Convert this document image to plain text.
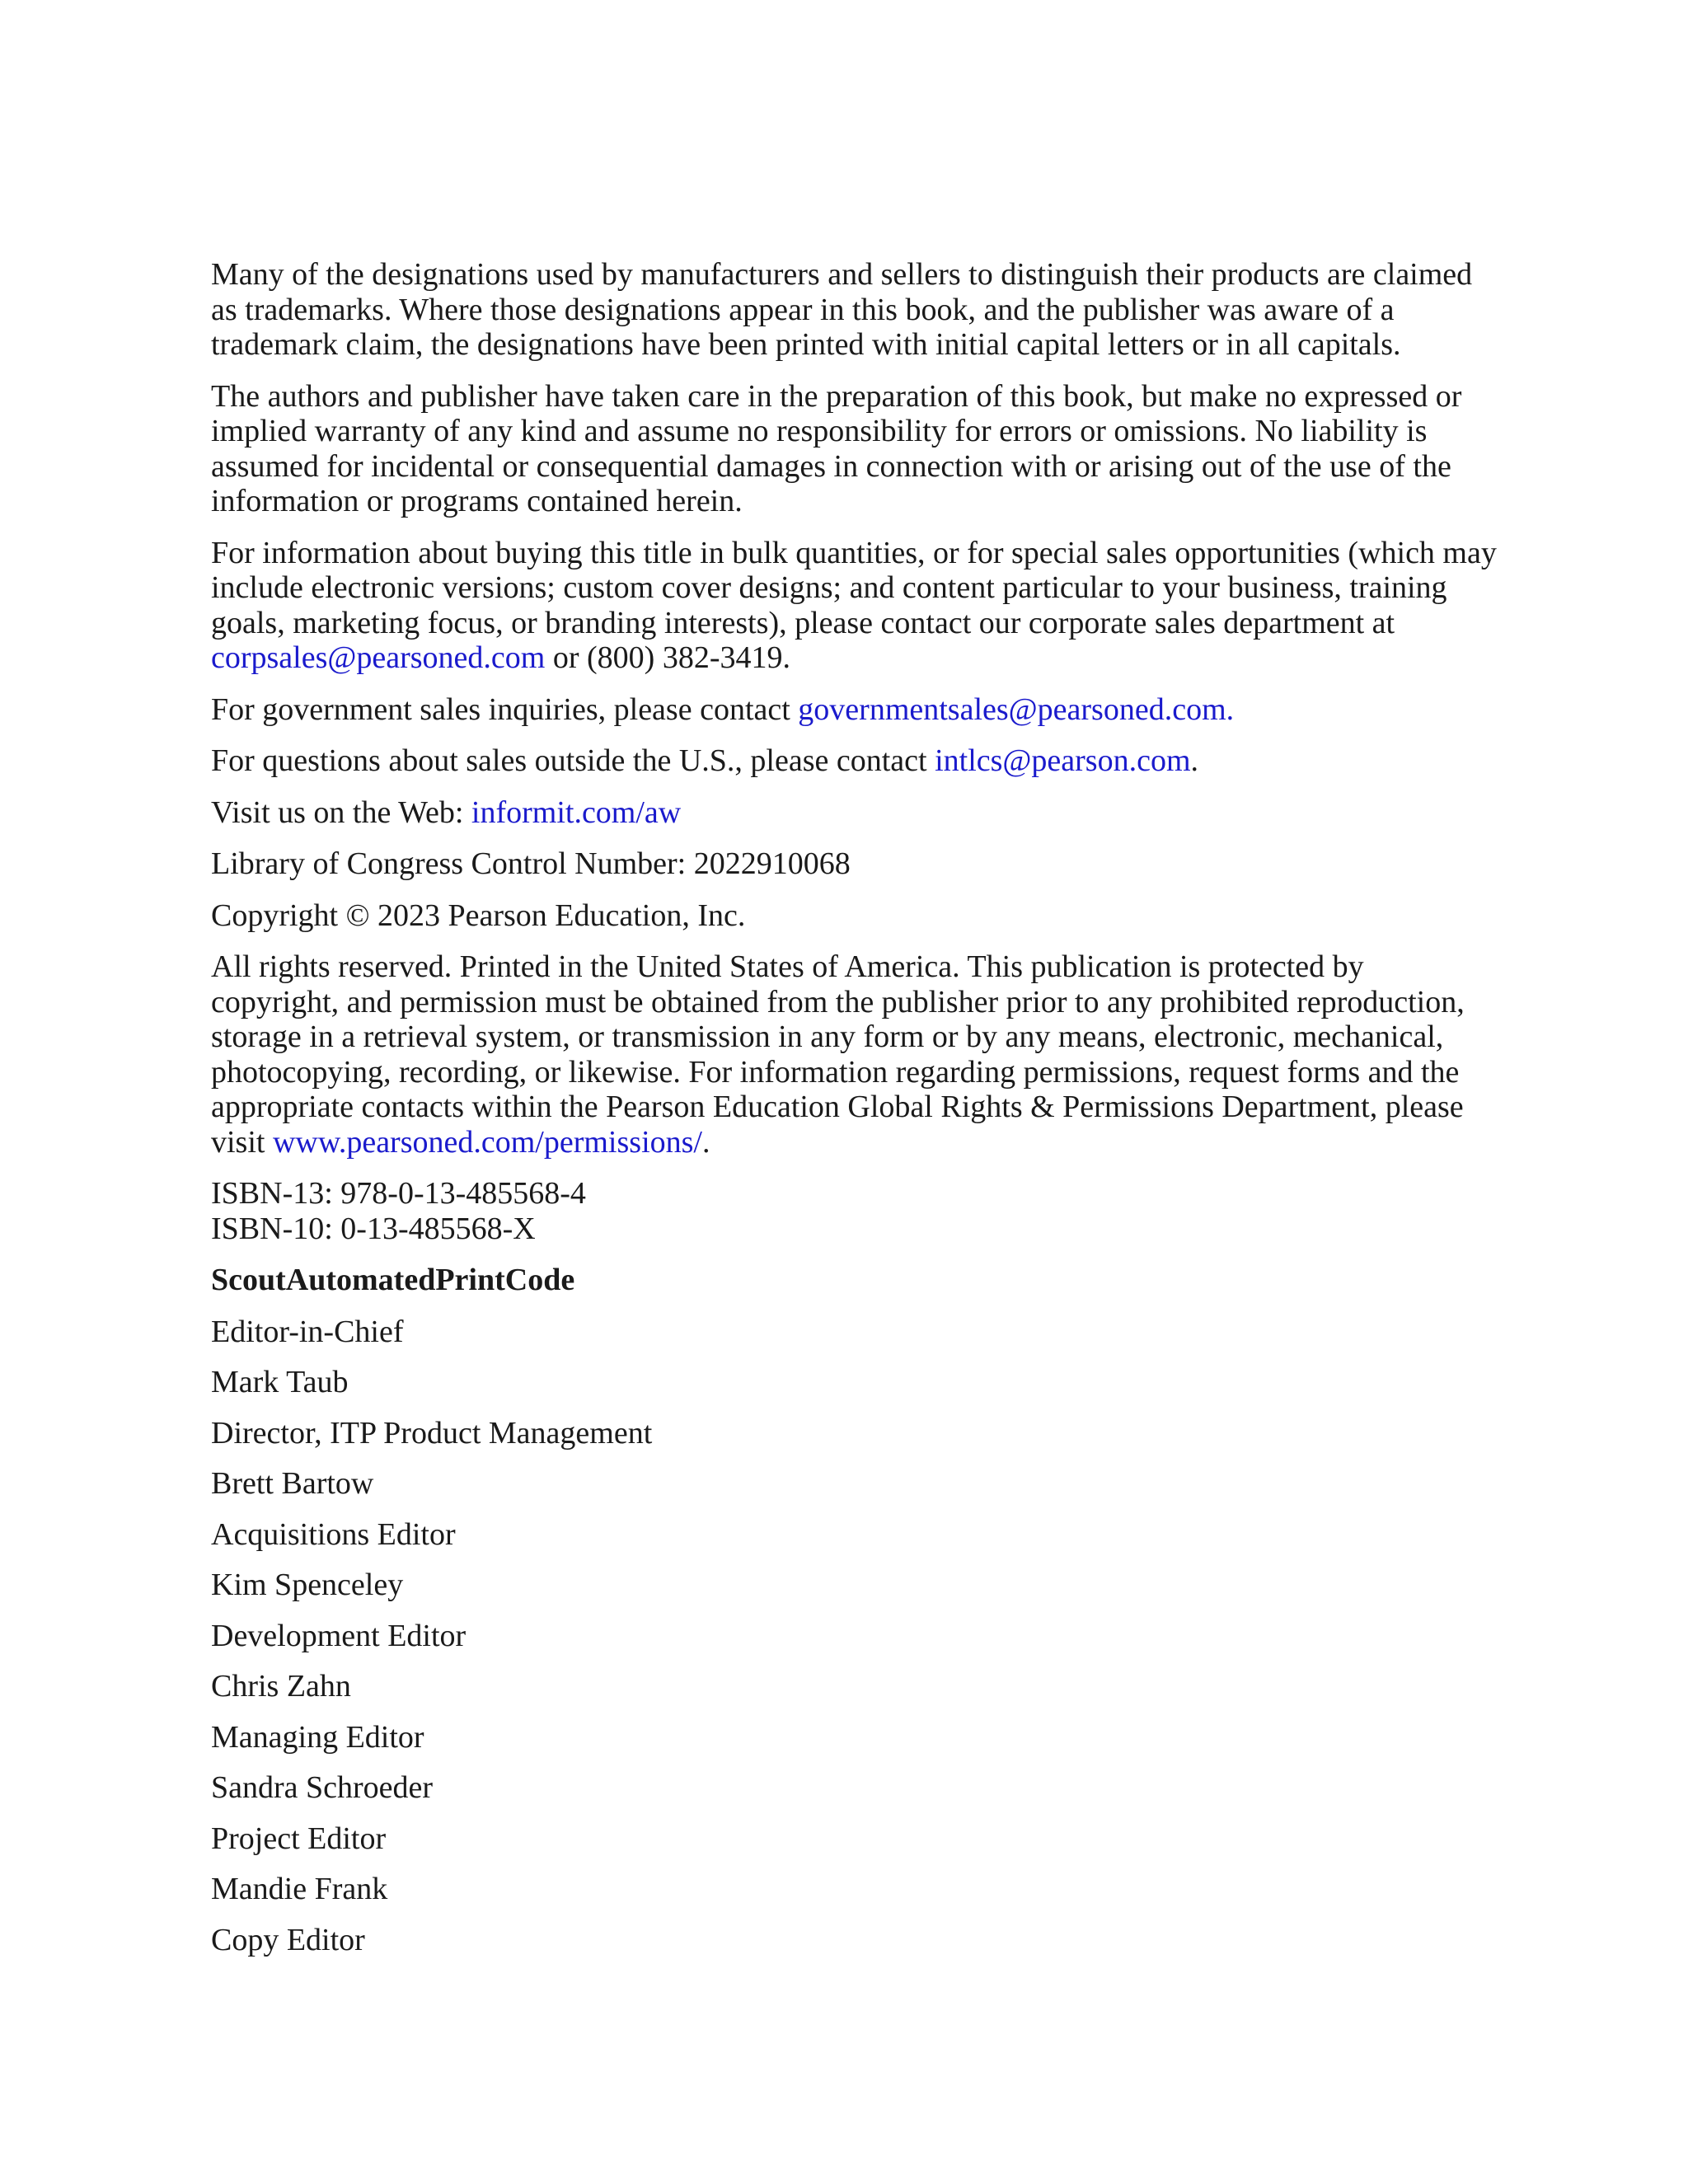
Many of the designations used by manufacturers and sellers to distinguish their products are claimed as trademarks. Where those designations appear in this book, and the publisher was aware of a trademark claim, the designations have been printed with initial capital letters or in all capitals.

The authors and publisher have taken care in the preparation of this book, but make no expressed or implied warranty of any kind and assume no responsibility for errors or omissions. No liability is assumed for incidental or consequential damages in connection with or arising out of the use of the information or programs contained herein.

For information about buying this title in bulk quantities, or for special sales opportunities (which may include electronic versions; custom cover designs; and content particular to your business, training goals, marketing focus, or branding interests), please contact our corporate sales department at corpsales@pearsoned.com or (800) 382-3419.

For government sales inquiries, please contact governmentsales@pearsoned.com.

For questions about sales outside the U.S., please contact intlcs@pearson.com.

Visit us on the Web: informit.com/aw

Library of Congress Control Number: 2022910068

Copyright © 2023 Pearson Education, Inc.

All rights reserved. Printed in the United States of America. This publication is protected by copyright, and permission must be obtained from the publisher prior to any prohibited reproduction, storage in a retrieval system, or transmission in any form or by any means, electronic, mechanical, photocopying, recording, or likewise. For information regarding permissions, request forms and the appropriate contacts within the Pearson Education Global Rights & Permissions Department, please visit www.pearsoned.com/permissions/.

ISBN-13: 978-0-13-485568-4
ISBN-10: 0-13-485568-X

ScoutAutomatedPrintCode

Editor-in-Chief

Mark Taub

Director, ITP Product Management

Brett Bartow

Acquisitions Editor

Kim Spenceley

Development Editor

Chris Zahn

Managing Editor

Sandra Schroeder

Project Editor

Mandie Frank

Copy Editor
